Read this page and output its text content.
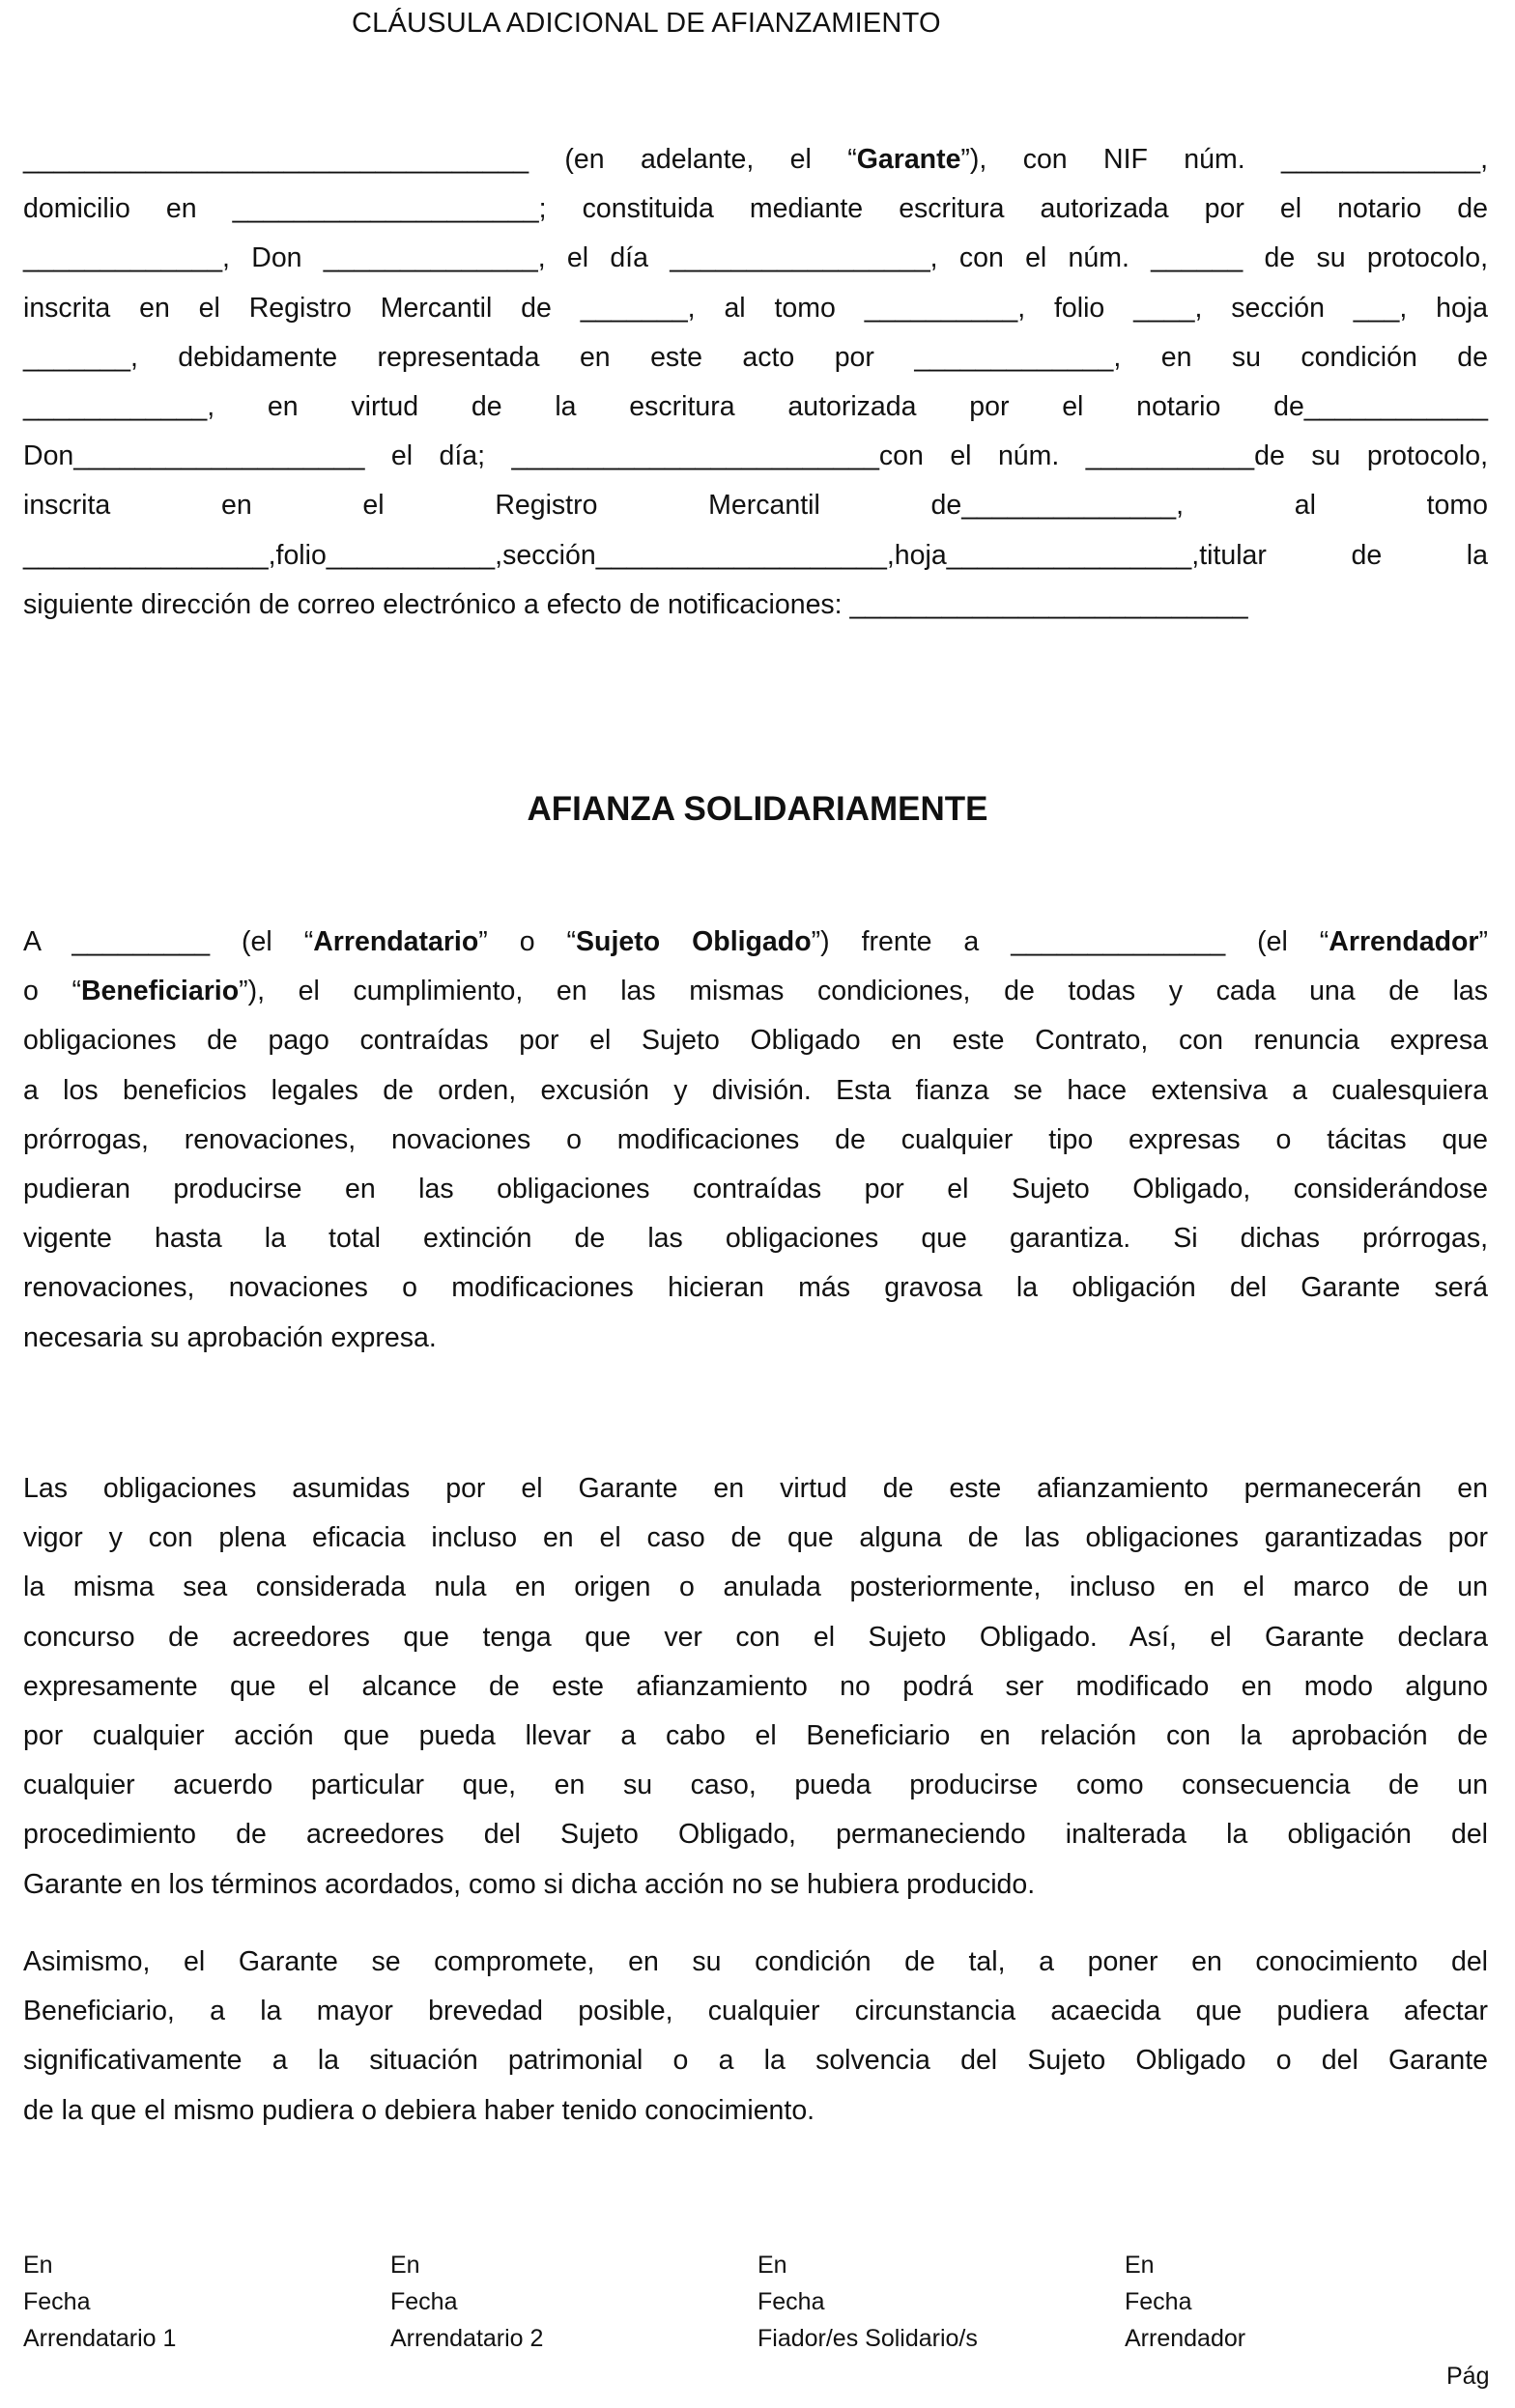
CLÁUSULA ADICIONAL DE AFIANZAMIENTO
_________________________________ (en adelante, el “Garante”), con NIF núm. _____________,
domicilio en ____________________; constituida mediante escritura autorizada por el notario de
_____________, Don ______________, el día _________________, con el núm. ______ de su protocolo,
inscrita en el Registro Mercantil de _______, al tomo __________, folio ____, sección ___, hoja
_______, debidamente representada en este acto por _____________, en su condición de
____________, en virtud de la escritura autorizada por el notario de____________
Don___________________ el día; ________________________con el núm. ___________de su protocolo,
inscrita en el Registro Mercantil de______________, al tomo
________________,folio___________,sección___________________,hoja________________,titular de la
siguiente dirección de correo electrónico a efecto de notificaciones: __________________________
AFIANZA SOLIDARIAMENTE
A _________ (el “Arrendatario” o “Sujeto Obligado”) frente a ______________ (el “Arrendador”
o “Beneficiario”), el cumplimiento, en las mismas condiciones, de todas y cada una de las
obligaciones de pago contraídas por el Sujeto Obligado en este Contrato, con renuncia expresa
a los beneficios legales de orden, excusión y división. Esta fianza se hace extensiva a cualesquiera
prórrogas, renovaciones, novaciones o modificaciones de cualquier tipo expresas o tácitas que
pudieran producirse en las obligaciones contraídas por el Sujeto Obligado, considerándose
vigente hasta la total extinción de las obligaciones que garantiza. Si dichas prórrogas,
renovaciones, novaciones o modificaciones hicieran más gravosa la obligación del Garante será
necesaria su aprobación expresa.
Las obligaciones asumidas por el Garante en virtud de este afianzamiento permanecerán en
vigor y con plena eficacia incluso en el caso de que alguna de las obligaciones garantizadas por
la misma sea considerada nula en origen o anulada posteriormente, incluso en el marco de un
concurso de acreedores que tenga que ver con el Sujeto Obligado. Así, el Garante declara
expresamente que el alcance de este afianzamiento no podrá ser modificado en modo alguno
por cualquier acción que pueda llevar a cabo el Beneficiario en relación con la aprobación de
cualquier acuerdo particular que, en su caso, pueda producirse como consecuencia de un
procedimiento de acreedores del Sujeto Obligado, permaneciendo inalterada la obligación del
Garante en los términos acordados, como si dicha acción no se hubiera producido.
Asimismo, el Garante se compromete, en su condición de tal, a poner en conocimiento del
Beneficiario, a la mayor brevedad posible, cualquier circunstancia acaecida que pudiera afectar
significativamente a la situación patrimonial o a la solvencia del Sujeto Obligado o del Garante
de la que el mismo pudiera o debiera haber tenido conocimiento.
En
Fecha
Arrendatario 1
En
Fecha
Arrendatario 2
En
Fecha
Fiador/es Solidario/s
En
Fecha
Arrendador
Pág
